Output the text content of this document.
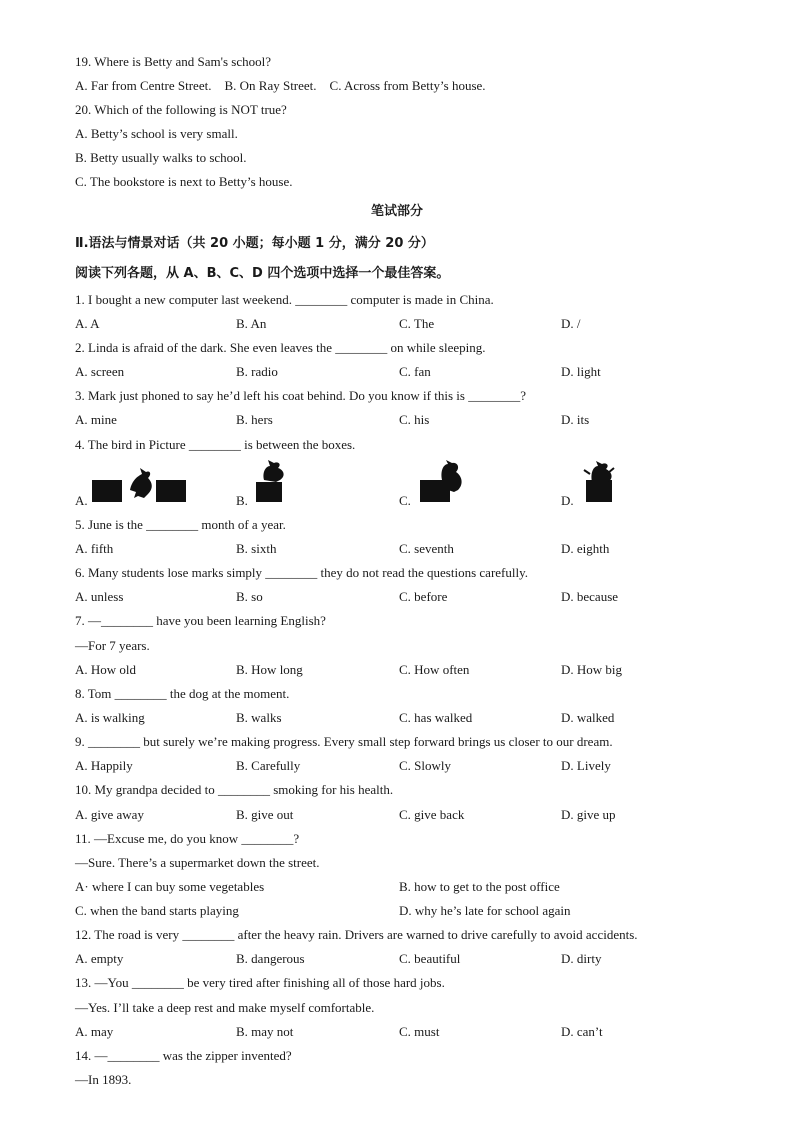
19. Where is Betty and Sam's school?
A. Far from Centre Street.    B. On Ray Street.    C. Across from Betty’s house.
20. Which of the following is NOT true?
A. Betty’s school is very small.
B. Betty usually walks to school.
C. The bookstore is next to Betty’s house.
笔试部分
Ⅱ.语法与情景对话（共 20 小题；每小题 1 分，满分 20 分）
阅读下列各题，从 A、B、C、D 四个选项中选择一个最佳答案。
1. I bought a new computer last weekend. ________ computer is made in China.
A. A	B. An	C. The	D. /
2. Linda is afraid of the dark. She even leaves the ________ on while sleeping.
A. screen	B. radio	C. fan	D. light
3. Mark just phoned to say he’d left his coat behind. Do you know if this is ________?
A. mine	B. hers	C. his	D. its
4. The bird in Picture ________ is between the boxes.
A.	B.	C.	D.
5. June is the ________ month of a year.
A. fifth	B. sixth	C. seventh	D. eighth
6. Many students lose marks simply ________ they do not read the questions carefully.
A. unless	B. so	C. before	D. because
7. —________ have you been learning English?
—For 7 years.
A. How old	B. How long	C. How often	D. How big
8. Tom ________ the dog at the moment.
A. is walking	B. walks	C. has walked	D. walked
9. ________ but surely we’re making progress. Every small step forward brings us closer to our dream.
A. Happily	B. Carefully	C. Slowly	D. Lively
10. My grandpa decided to ________ smoking for his health.
A. give away	B. give out	C. give back	D. give up
11. —Excuse me, do you know ________?
—Sure. There’s a supermarket down the street.
A· where I can buy some vegetables	B. how to get to the post office
C. when the band starts playing	D. why he’s late for school again
12. The road is very ________ after the heavy rain. Drivers are warned to drive carefully to avoid accidents.
A. empty	B. dangerous	C. beautiful	D. dirty
13. —You ________ be very tired after finishing all of those hard jobs.
—Yes. I’ll take a deep rest and make myself comfortable.
A. may	B. may not	C. must	D. can’t
14. —________ was the zipper invented?
—In 1893.
